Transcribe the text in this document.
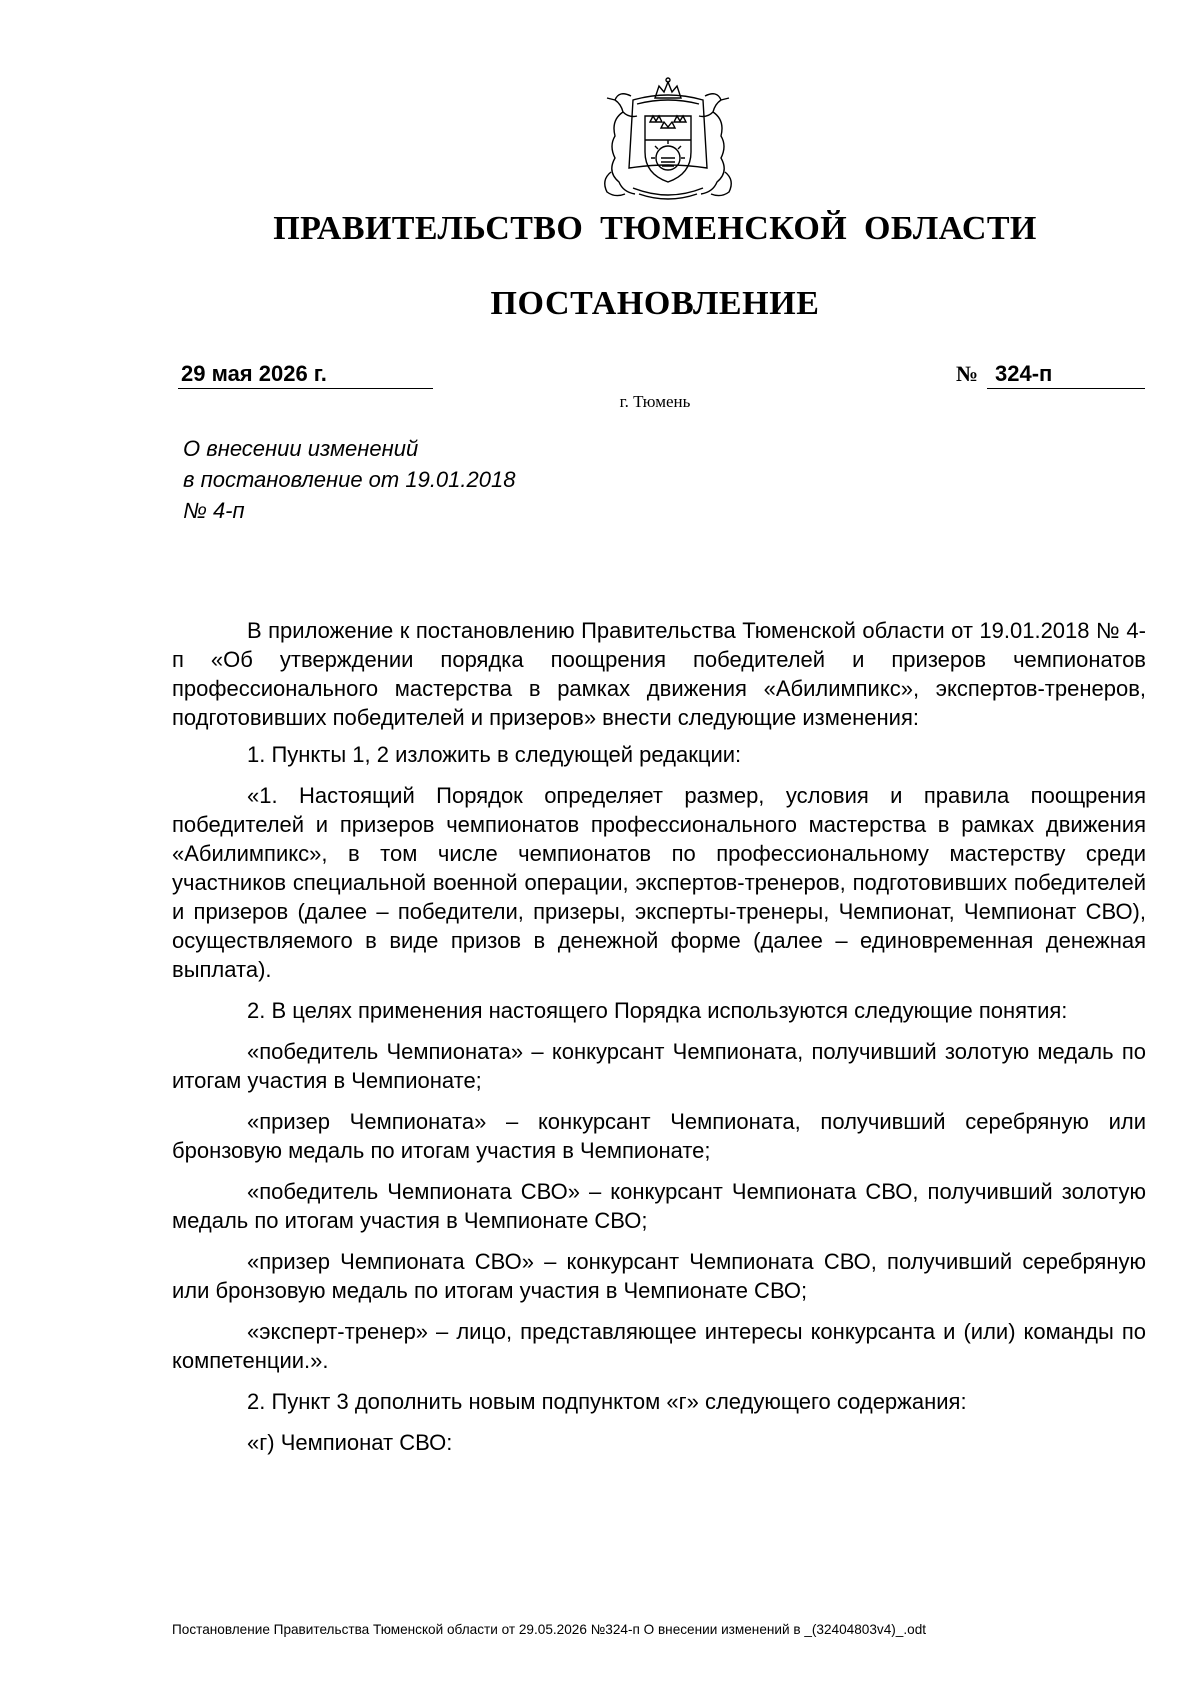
ПРАВИТЕЛЬСТВО ТЮМЕНСКОЙ ОБЛАСТИ
ПОСТАНОВЛЕНИЕ
29 мая 2026 г.	№ 324-п
г. Тюмень
О внесении изменений
в постановление от 19.01.2018
№ 4-п

В приложение к постановлению Правительства Тюменской области от 19.01.2018 № 4-п «Об утверждении порядка поощрения победителей и призеров чемпионатов профессионального мастерства в рамках движения «Абилимпикс», экспертов-тренеров, подготовивших победителей и призеров» внести следующие изменения:

1. Пункты 1, 2 изложить в следующей редакции:

«1. Настоящий Порядок определяет размер, условия и правила поощрения победителей и призеров чемпионатов профессионального мастерства в рамках движения «Абилимпикс», в том числе чемпионатов по профессиональному мастерству среди участников специальной военной операции, экспертов-тренеров, подготовивших победителей и призеров (далее – победители, призеры, эксперты-тренеры, Чемпионат, Чемпионат СВО), осуществляемого в виде призов в денежной форме (далее – единовременная денежная выплата).

2. В целях применения настоящего Порядка используются следующие понятия:

«победитель Чемпионата» – конкурсант Чемпионата, получивший золотую медаль по итогам участия в Чемпионате;

«призер Чемпионата» – конкурсант Чемпионата, получивший серебряную или бронзовую медаль по итогам участия в Чемпионате;

«победитель Чемпионата СВО» – конкурсант Чемпионата СВО, получивший золотую медаль по итогам участия в Чемпионате СВО;

«призер Чемпионата СВО» – конкурсант Чемпионата СВО, получивший серебряную или бронзовую медаль по итогам участия в Чемпионате СВО;

«эксперт-тренер» – лицо, представляющее интересы конкурсанта и (или) команды по компетенции.».

2. Пункт 3 дополнить новым подпунктом «г» следующего содержания:

«г) Чемпионат СВО:

Постановление Правительства Тюменской области от 29.05.2026 №324-п О внесении изменений в _(32404803v4)_.odt
